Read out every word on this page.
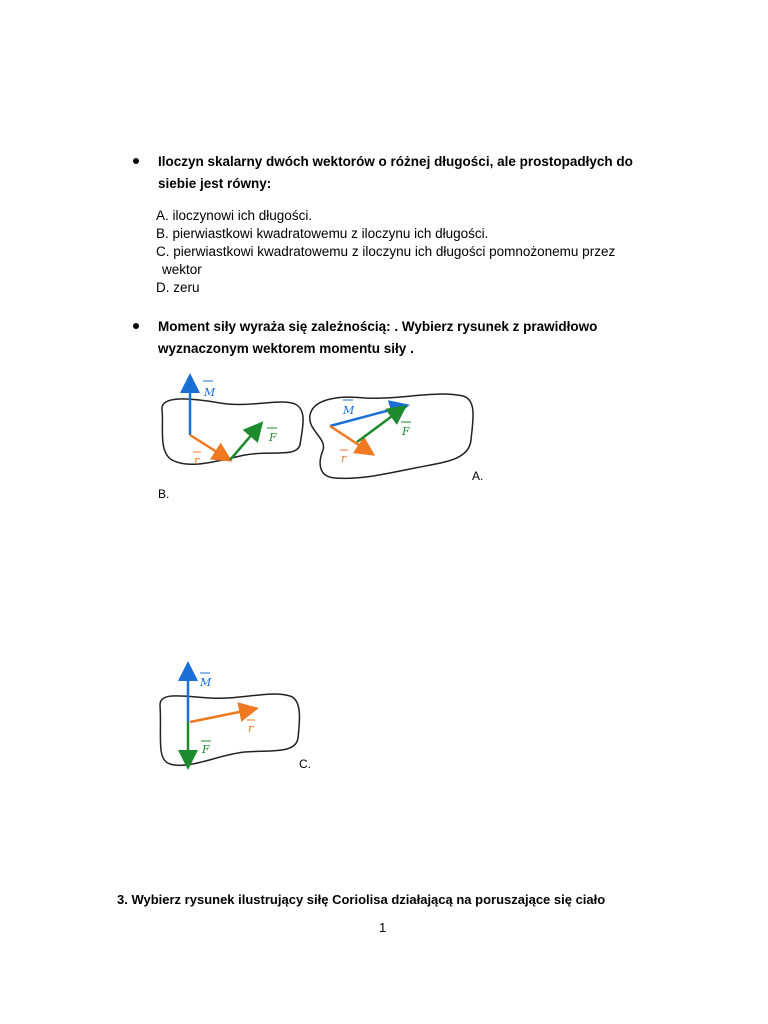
Iloczyn skalarny dwóch wektorów o różnej długości, ale prostopadłych do
siebie jest równy:
A. iloczynowi ich długości.
B. pierwiastkowi kwadratowemu z iloczynu ich długości.
C. pierwiastkowi kwadratowemu z iloczynu ich długości pomnożonemu przez
wektor
D. zeru
Moment siły wyraża się zależnością: . Wybierz rysunek z prawidłowo
wyznaczonym wektorem momentu siły .
M
F
r
B.
M
F
r
A.
M
F
r
C.
3. Wybierz rysunek ilustrujący siłę Coriolisa działającą na poruszające się ciało
1
